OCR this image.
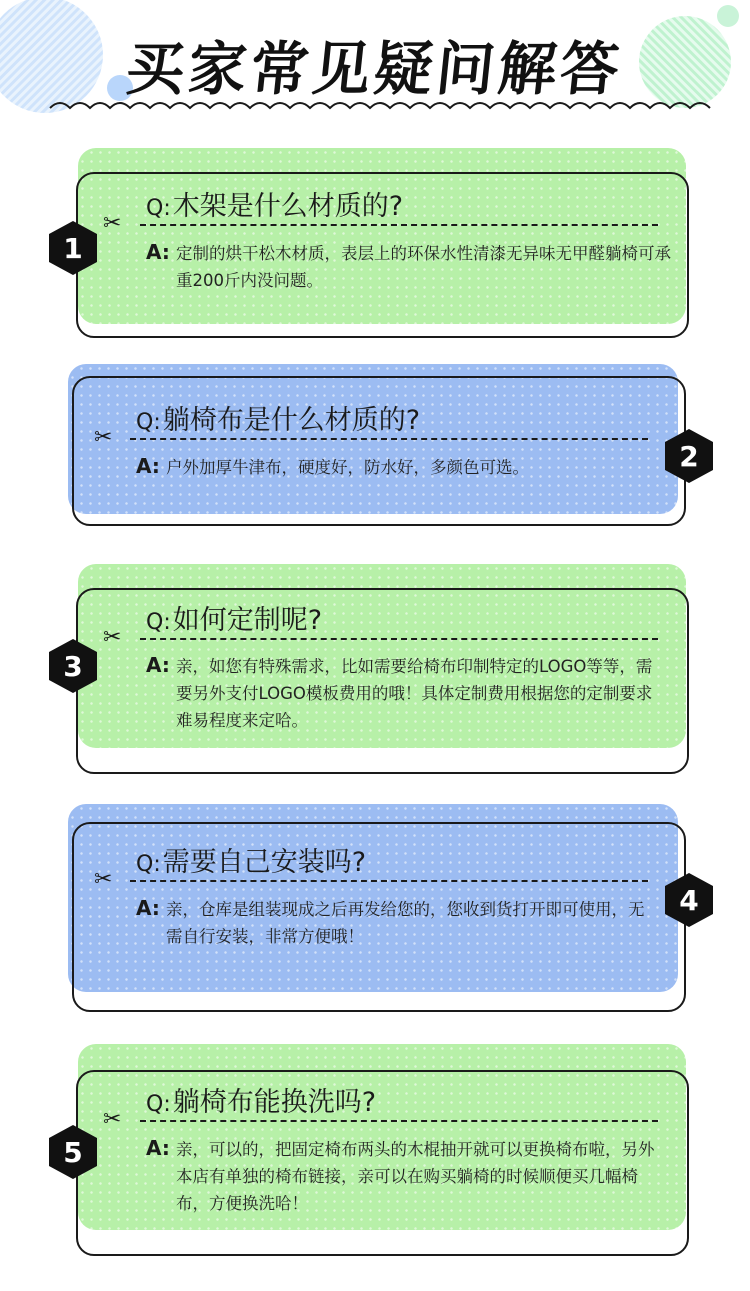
买家常见疑问解答
Q:木架是什么材质的?
✂
A: 定制的烘干松木材质，表层上的环保水性清漆无异味无甲醛躺椅可承重200斤内没问题。
1
Q:躺椅布是什么材质的?
✂
A: 户外加厚牛津布，硬度好，防水好，多颜色可选。	2
Q:如何定制呢?
✂
A: 亲，如您有特殊需求，比如需要给椅布印制特定的LOGO等等，需要另外支付LOGO模板费用的哦！具体定制费用根据您的定制要求难易程度来定哈。
3
Q:需要自己安装吗?
✂
A: 亲，仓库是组装现成之后再发给您的，您收到货打开即可使用，无需自行安装，非常方便哦！
4
Q:躺椅布能换洗吗?
✂
A: 亲，可以的，把固定椅布两头的木棍抽开就可以更换椅布啦，另外本店有单独的椅布链接，亲可以在购买躺椅的时候顺便买几幅椅布，方便换洗哈！
5
